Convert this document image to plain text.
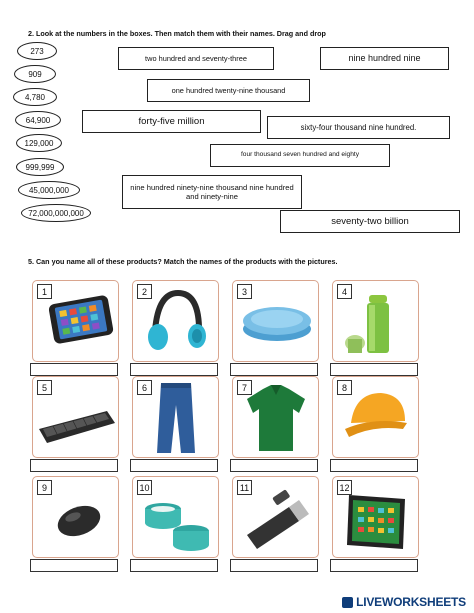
2. Look at the numbers in the boxes. Then match them with their names. Drag and drop
273
909
4,780
64,900
129,000
999,999
45,000,000
72,000,000,000
two hundred and seventy-three	nine hundred nine
one hundred twenty-nine thousand
forty-five million
sixty-four thousand nine hundred.
four thousand seven hundred and eighty
nine hundred ninety-nine thousand nine hundred and ninety-nine
seventy-two billion
5. Can you name all of these products? Match the names of the products with the pictures.
1	2	3	4
5	6	7	8
9	10	11	12
LIVEWORKSHEETS
